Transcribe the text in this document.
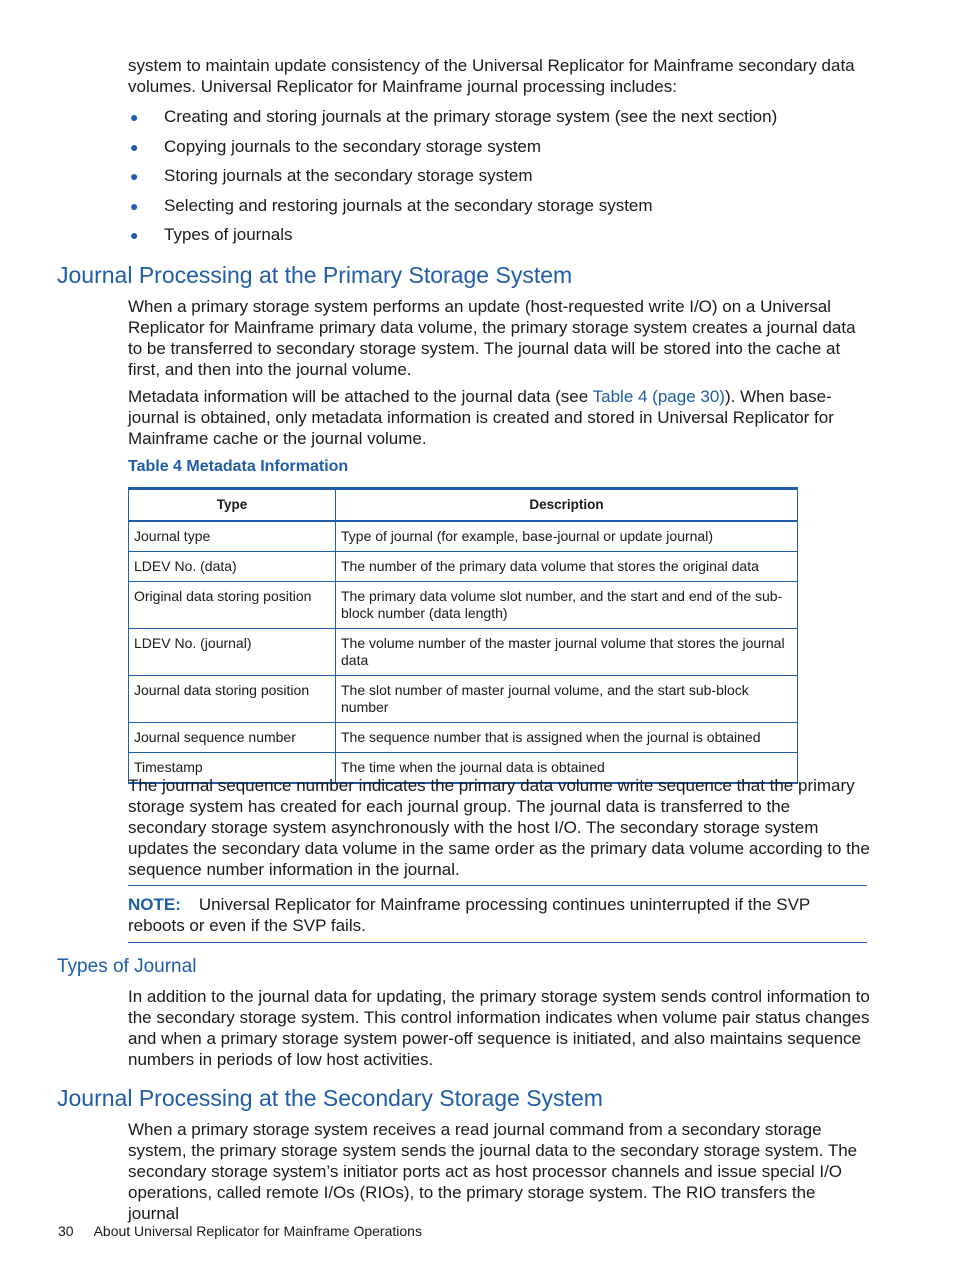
system to maintain update consistency of the Universal Replicator for Mainframe secondary data volumes. Universal Replicator for Mainframe journal processing includes:

● Creating and storing journals at the primary storage system (see the next section)
● Copying journals to the secondary storage system
● Storing journals at the secondary storage system
● Selecting and restoring journals at the secondary storage system
● Types of journals
Journal Processing at the Primary Storage System

When a primary storage system performs an update (host-requested write I/O) on a Universal Replicator for Mainframe primary data volume, the primary storage system creates a journal data to be transferred to secondary storage system. The journal data will be stored into the cache at first, and then into the journal volume.

Metadata information will be attached to the journal data (see Table 4 (page 30)). When base-journal is obtained, only metadata information is created and stored in Universal Replicator for Mainframe cache or the journal volume.

Table 4 Metadata Information
Type	Description
Journal type	Type of journal (for example, base-journal or update journal)
LDEV No. (data)	The number of the primary data volume that stores the original data
Original data storing position	The primary data volume slot number, and the start and end of the sub-block number (data length)
LDEV No. (journal)	The volume number of the master journal volume that stores the journal data
Journal data storing position	The slot number of master journal volume, and the start sub-block number
Journal sequence number	The sequence number that is assigned when the journal is obtained
Timestamp	The time when the journal data is obtained

The journal sequence number indicates the primary data volume write sequence that the primary storage system has created for each journal group. The journal data is transferred to the secondary storage system asynchronously with the host I/O. The secondary storage system updates the secondary data volume in the same order as the primary data volume according to the sequence number information in the journal.

NOTE: Universal Replicator for Mainframe processing continues uninterrupted if the SVP reboots or even if the SVP fails.
Types of Journal

In addition to the journal data for updating, the primary storage system sends control information to the secondary storage system. This control information indicates when volume pair status changes and when a primary storage system power-off sequence is initiated, and also maintains sequence numbers in periods of low host activities.

Journal Processing at the Secondary Storage System

When a primary storage system receives a read journal command from a secondary storage system, the primary storage system sends the journal data to the secondary storage system. The secondary storage system’s initiator ports act as host processor channels and issue special I/O operations, called remote I/Os (RIOs), to the primary storage system. The RIO transfers the journal

30 About Universal Replicator for Mainframe Operations
